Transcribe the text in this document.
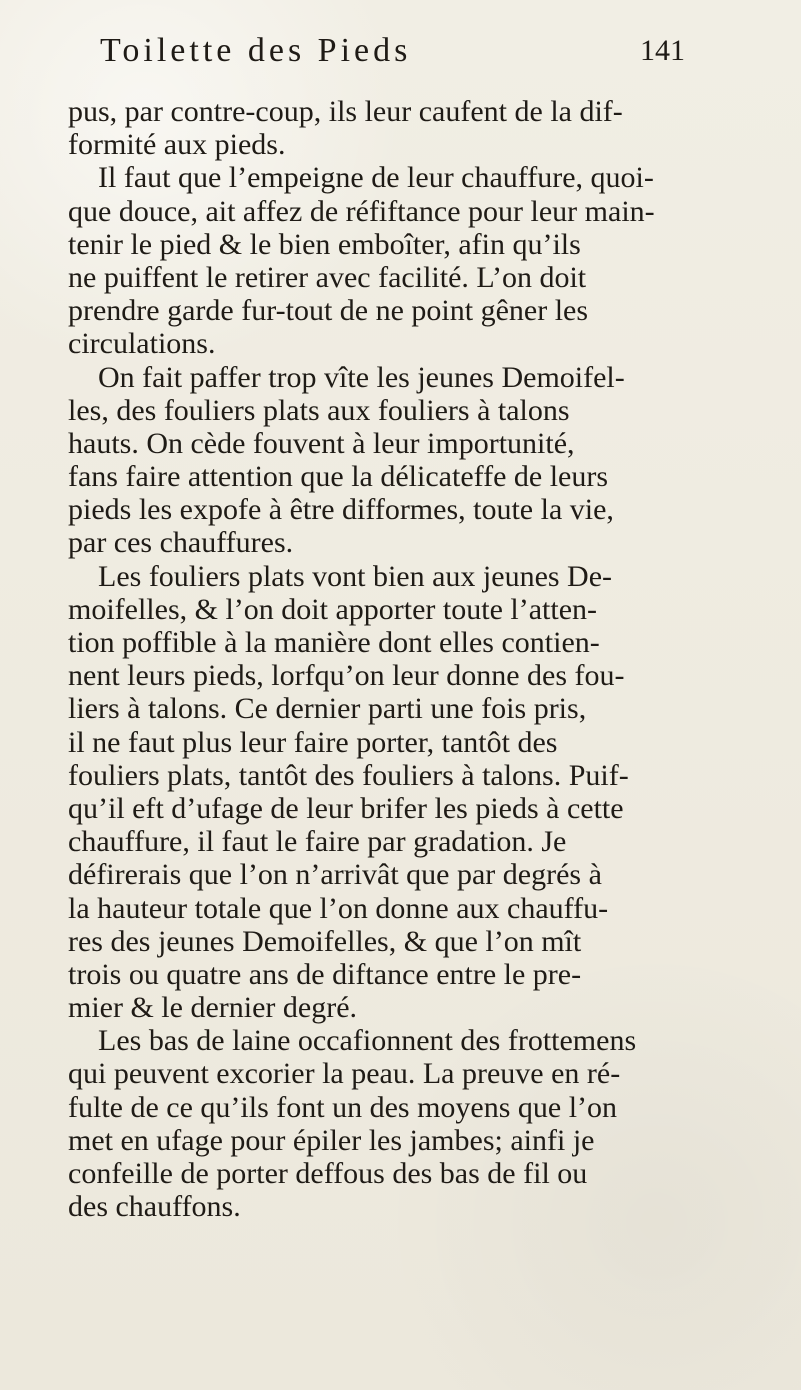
Toilette des Pieds	141
pus, par contre-coup, ils leur caufent de la dif-
formité aux pieds.
Il faut que l’empeigne de leur chauffure, quoi-
que douce, ait affez de réfiftance pour leur main-
tenir le pied & le bien emboîter, afin qu’ils
ne puiffent le retirer avec facilité. L’on doit
prendre garde fur-tout de ne point gêner les
circulations.
On fait paffer trop vîte les jeunes Demoifel-
les, des fouliers plats aux fouliers à talons
hauts. On cède fouvent à leur importunité,
fans faire attention que la délicateffe de leurs
pieds les expofe à être difformes, toute la vie,
par ces chauffures.
Les fouliers plats vont bien aux jeunes De-
moifelles, & l’on doit apporter toute l’atten-
tion poffible à la manière dont elles contien-
nent leurs pieds, lorfqu’on leur donne des fou-
liers à talons. Ce dernier parti une fois pris,
il ne faut plus leur faire porter, tantôt des
fouliers plats, tantôt des fouliers à talons. Puif-
qu’il eft d’ufage de leur brifer les pieds à cette
chauffure, il faut le faire par gradation. Je
défirerais que l’on n’arrivât que par degrés à
la hauteur totale que l’on donne aux chauffu-
res des jeunes Demoifelles, & que l’on mît
trois ou quatre ans de diftance entre le pre-
mier & le dernier degré.
Les bas de laine occafionnent des frottemens
qui peuvent excorier la peau. La preuve en ré-
fulte de ce qu’ils font un des moyens que l’on
met en ufage pour épiler les jambes; ainfi je
confeille de porter deffous des bas de fil ou
des chauffons.
